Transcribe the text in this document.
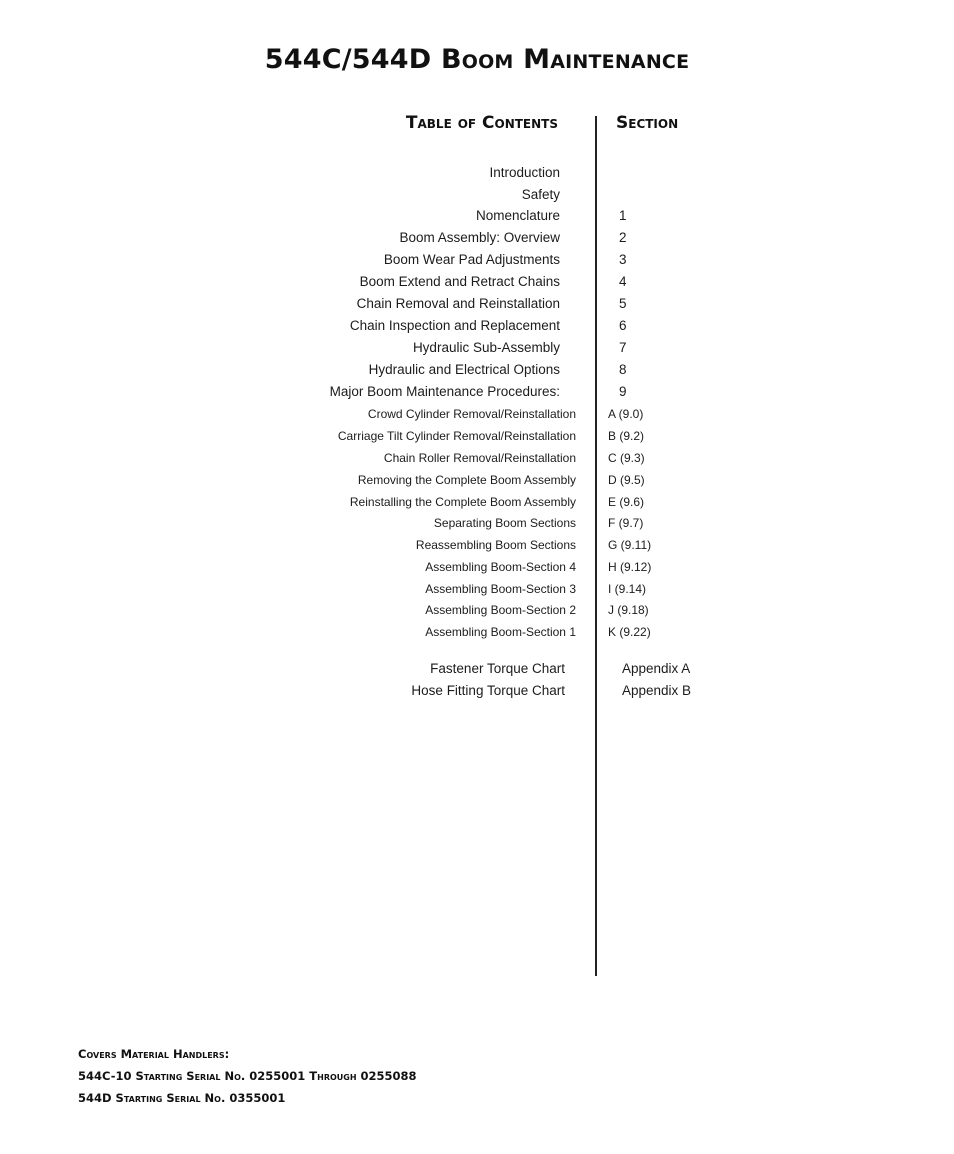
544C/544D Boom Maintenance
Table of Contents	Section
Introduction
Safety
Nomenclature	1
Boom Assembly: Overview	2
Boom Wear Pad Adjustments	3
Boom Extend and Retract Chains	4
Chain Removal and Reinstallation	5
Chain Inspection and Replacement	6
Hydraulic Sub-Assembly	7
Hydraulic and Electrical Options	8
Major Boom Maintenance Procedures:	9
Crowd Cylinder Removal/Reinstallation	A (9.0)
Carriage Tilt Cylinder Removal/Reinstallation	B (9.2)
Chain Roller Removal/Reinstallation	C (9.3)
Removing the Complete Boom Assembly	D (9.5)
Reinstalling the Complete Boom Assembly	E (9.6)
Separating Boom Sections	F (9.7)
Reassembling Boom Sections	G (9.11)
Assembling Boom-Section 4	H (9.12)
Assembling Boom-Section 3	I (9.14)
Assembling Boom-Section 2	J (9.18)
Assembling Boom-Section 1	K (9.22)
Fastener Torque Chart	Appendix A
Hose Fitting Torque Chart	Appendix B
Covers Material Handlers:
544C-10 Starting Serial No. 0255001 Through 0255088
544D Starting Serial No. 0355001
